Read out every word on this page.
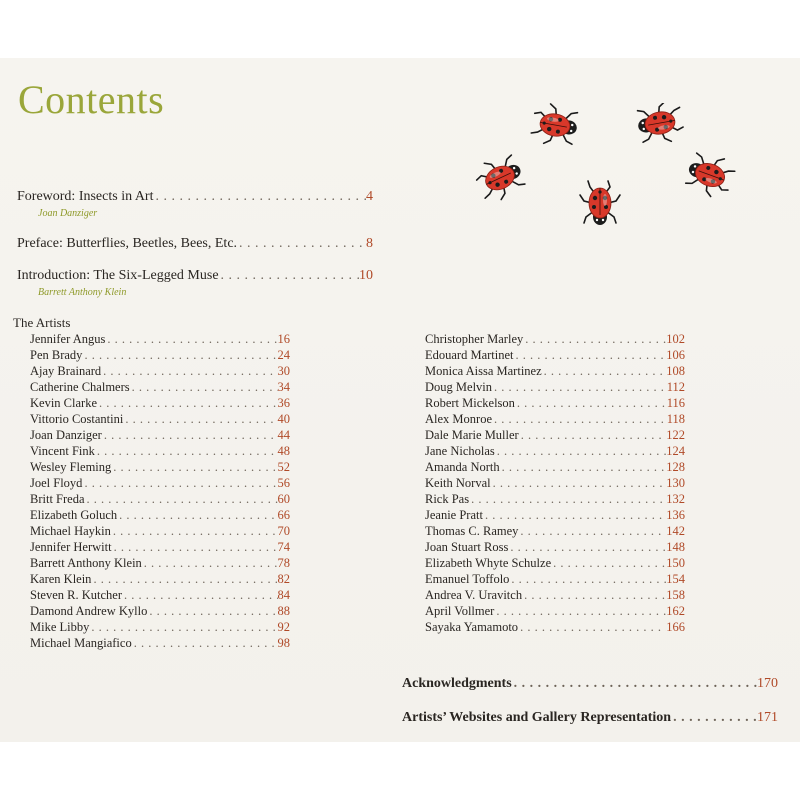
Contents
Foreword: Insects in Art . . .	4
Joan Danziger
Preface: Butterflies, Beetles, Bees, Etc. . . .	8
Introduction: The Six-Legged Muse . . .	10
Barrett Anthony Klein
The Artists
Jennifer Angus . . .	16
Pen Brady . . .	24
Ajay Brainard . . .	30
Catherine Chalmers . . .	34
Kevin Clarke . . .	36
Vittorio Costantini . . .	40
Joan Danziger . . .	44
Vincent Fink . . .	48
Wesley Fleming . . .	52
Joel Floyd . . .	56
Britt Freda . . .	60
Elizabeth Goluch . . .	66
Michael Haykin . . .	70
Jennifer Herwitt . . .	74
Barrett Anthony Klein . . .	78
Karen Klein . . .	82
Steven R. Kutcher . . .	84
Damond Andrew Kyllo . . .	88
Mike Libby . . .	92
Michael Mangiafico . . .	98
Christopher Marley . . .	102
Edouard Martinet . . .	106
Monica Aissa Martinez . . .	108
Doug Melvin . . .	112
Robert Mickelson . . .	116
Alex Monroe . . .	118
Dale Marie Muller . . .	122
Jane Nicholas . . .	124
Amanda North . . .	128
Keith Norval . . .	130
Rick Pas . . .	132
Jeanie Pratt . . .	136
Thomas C. Ramey . . .	142
Joan Stuart Ross . . .	148
Elizabeth Whyte Schulze . . .	150
Emanuel Toffolo . . .	154
Andrea V. Uravitch . . .	158
April Vollmer . . .	162
Sayaka Yamamoto . . .	166
Acknowledgments . . .	170
Artists’ Websites and Gallery Representation . . .	171
